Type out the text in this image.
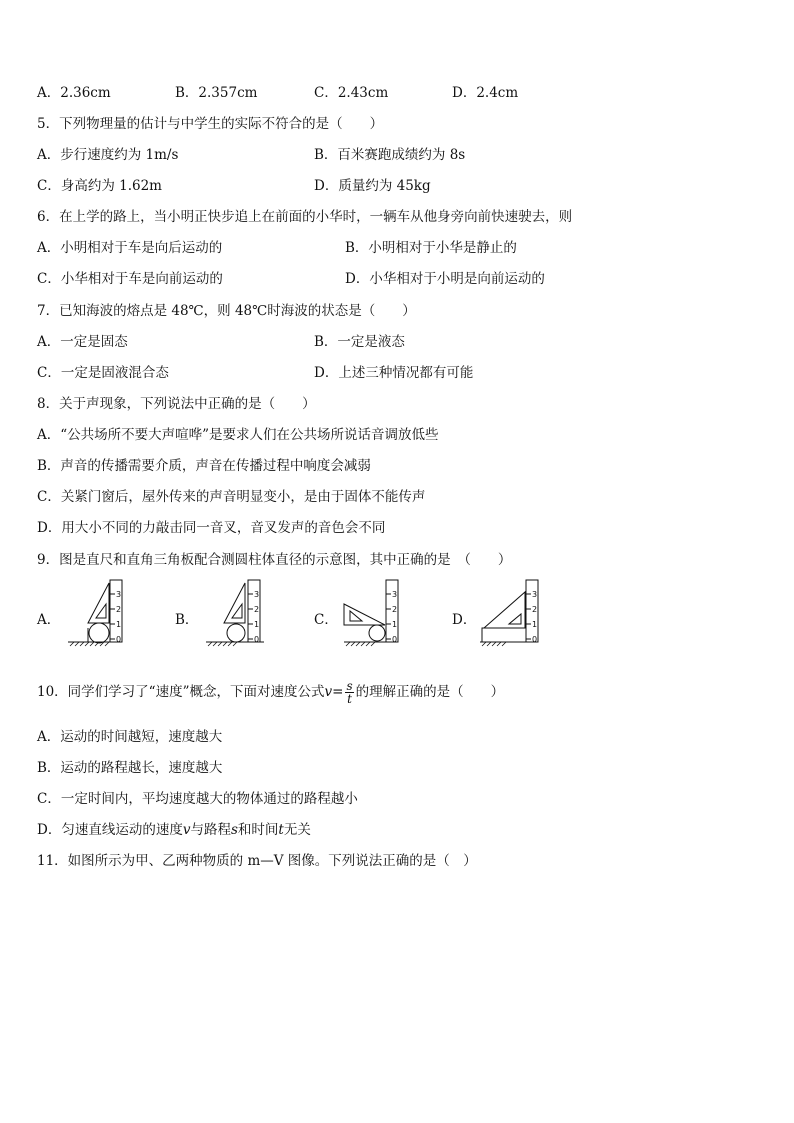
A．2.36cm	B．2.357cm	C．2.43cm	D．2.4cm
5．下列物理量的估计与中学生的实际不符合的是（　　）
A．步行速度约为 1m/s	B．百米赛跑成绩约为 8s
C．身高约为 1.62m	D．质量约为 45kg
6．在上学的路上，当小明正快步追上在前面的小华时，一辆车从他身旁向前快速驶去，则
A．小明相对于车是向后运动的	B．小明相对于小华是静止的
C．小华相对于车是向前运动的	D．小华相对于小明是向前运动的
7．已知海波的熔点是 48℃，则 48℃时海波的状态是（　　）
A．一定是固态	B．一定是液态
C．一定是固液混合态	D．上述三种情况都有可能
8．关于声现象，下列说法中正确的是（　　）
A．“公共场所不要大声喧哗”是要求人们在公共场所说话音调放低些
B．声音的传播需要介质，声音在传播过程中响度会减弱
C．关紧门窗后，屋外传来的声音明显变小，是由于固体不能传声
D．用大小不同的力敲击同一音叉，音叉发声的音色会不同
9．图是直尺和直角三角板配合测圆柱体直径的示意图，其中正确的是　（　　）
A．	B．	C．	D．
0
1
2
3
0
1
2
3
0
1
2
3
0
1
2
3
10．同学们学习了“速度”概念，下面对速度公式$v= \frac{s}{t}$ 的理解正确的是（　　）
A．运动的时间越短，速度越大
B．运动的路程越长，速度越大
C．一定时间内，平均速度越大的物体通过的路程越小
D．匀速直线运动的速度v与路程s和时间t无关
11．如图所示为甲、乙两种物质的 m—V 图像。下列说法正确的是（　）
